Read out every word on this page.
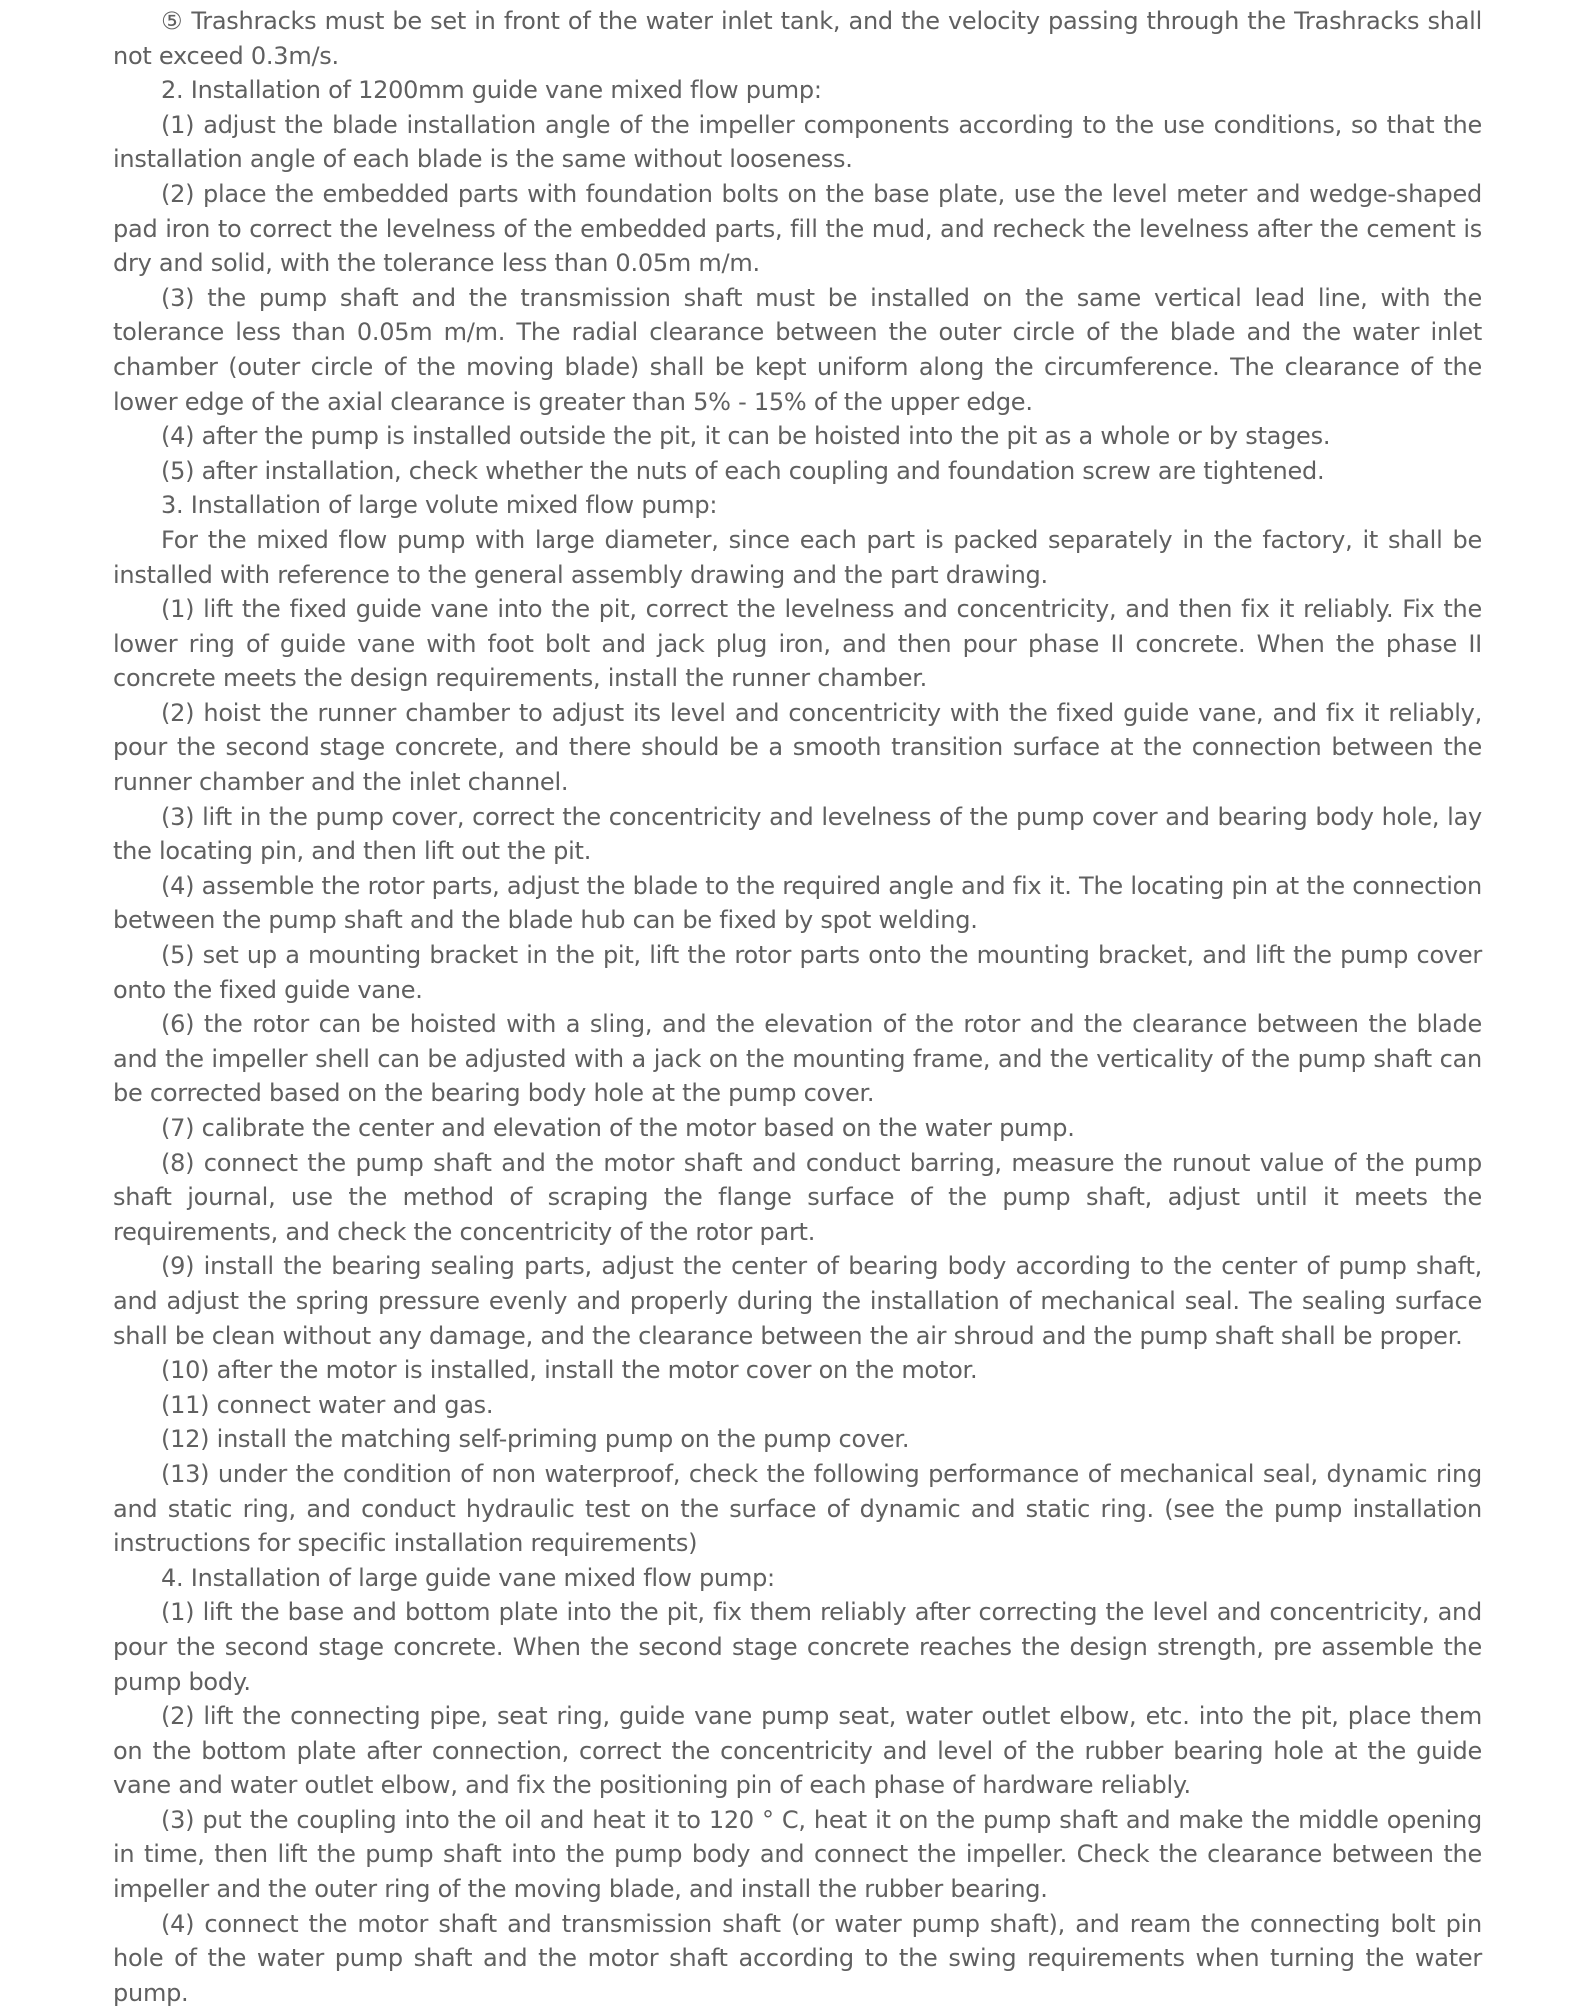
⑤ Trashracks must be set in front of the water inlet tank, and the velocity passing through the Trashracks shall not exceed 0.3m/s.

2. Installation of 1200mm guide vane mixed flow pump:

(1) adjust the blade installation angle of the impeller components according to the use conditions, so that the installation angle of each blade is the same without looseness.

(2) place the embedded parts with foundation bolts on the base plate, use the level meter and wedge-shaped pad iron to correct the levelness of the embedded parts, fill the mud, and recheck the levelness after the cement is dry and solid, with the tolerance less than 0.05m m/m.

(3) the pump shaft and the transmission shaft must be installed on the same vertical lead line, with the tolerance less than 0.05m m/m. The radial clearance between the outer circle of the blade and the water inlet chamber (outer circle of the moving blade) shall be kept uniform along the circumference. The clearance of the lower edge of the axial clearance is greater than 5% - 15% of the upper edge.

(4) after the pump is installed outside the pit, it can be hoisted into the pit as a whole or by stages.

(5) after installation, check whether the nuts of each coupling and foundation screw are tightened.

3. Installation of large volute mixed flow pump:

For the mixed flow pump with large diameter, since each part is packed separately in the factory, it shall be installed with reference to the general assembly drawing and the part drawing.

(1) lift the fixed guide vane into the pit, correct the levelness and concentricity, and then fix it reliably. Fix the lower ring of guide vane with foot bolt and jack plug iron, and then pour phase II concrete. When the phase II concrete meets the design requirements, install the runner chamber.

(2) hoist the runner chamber to adjust its level and concentricity with the fixed guide vane, and fix it reliably, pour the second stage concrete, and there should be a smooth transition surface at the connection between the runner chamber and the inlet channel.

(3) lift in the pump cover, correct the concentricity and levelness of the pump cover and bearing body hole, lay the locating pin, and then lift out the pit.

(4) assemble the rotor parts, adjust the blade to the required angle and fix it. The locating pin at the connection between the pump shaft and the blade hub can be fixed by spot welding.

(5) set up a mounting bracket in the pit, lift the rotor parts onto the mounting bracket, and lift the pump cover onto the fixed guide vane.

(6) the rotor can be hoisted with a sling, and the elevation of the rotor and the clearance between the blade and the impeller shell can be adjusted with a jack on the mounting frame, and the verticality of the pump shaft can be corrected based on the bearing body hole at the pump cover.

(7) calibrate the center and elevation of the motor based on the water pump.

(8) connect the pump shaft and the motor shaft and conduct barring, measure the runout value of the pump shaft journal, use the method of scraping the flange surface of the pump shaft, adjust until it meets the requirements, and check the concentricity of the rotor part.

(9) install the bearing sealing parts, adjust the center of bearing body according to the center of pump shaft, and adjust the spring pressure evenly and properly during the installation of mechanical seal. The sealing surface shall be clean without any damage, and the clearance between the air shroud and the pump shaft shall be proper.

(10) after the motor is installed, install the motor cover on the motor.

(11) connect water and gas.

(12) install the matching self-priming pump on the pump cover.

(13) under the condition of non waterproof, check the following performance of mechanical seal, dynamic ring and static ring, and conduct hydraulic test on the surface of dynamic and static ring. (see the pump installation instructions for specific installation requirements)

4. Installation of large guide vane mixed flow pump:

(1) lift the base and bottom plate into the pit, fix them reliably after correcting the level and concentricity, and pour the second stage concrete. When the second stage concrete reaches the design strength, pre assemble the pump body.

(2) lift the connecting pipe, seat ring, guide vane pump seat, water outlet elbow, etc. into the pit, place them on the bottom plate after connection, correct the concentricity and level of the rubber bearing hole at the guide vane and water outlet elbow, and fix the positioning pin of each phase of hardware reliably.

(3) put the coupling into the oil and heat it to 120 ° C, heat it on the pump shaft and make the middle opening in time, then lift the pump shaft into the pump body and connect the impeller. Check the clearance between the impeller and the outer ring of the moving blade, and install the rubber bearing.

(4) connect the motor shaft and transmission shaft (or water pump shaft), and ream the connecting bolt pin hole of the water pump shaft and the motor shaft according to the swing requirements when turning the water pump.
